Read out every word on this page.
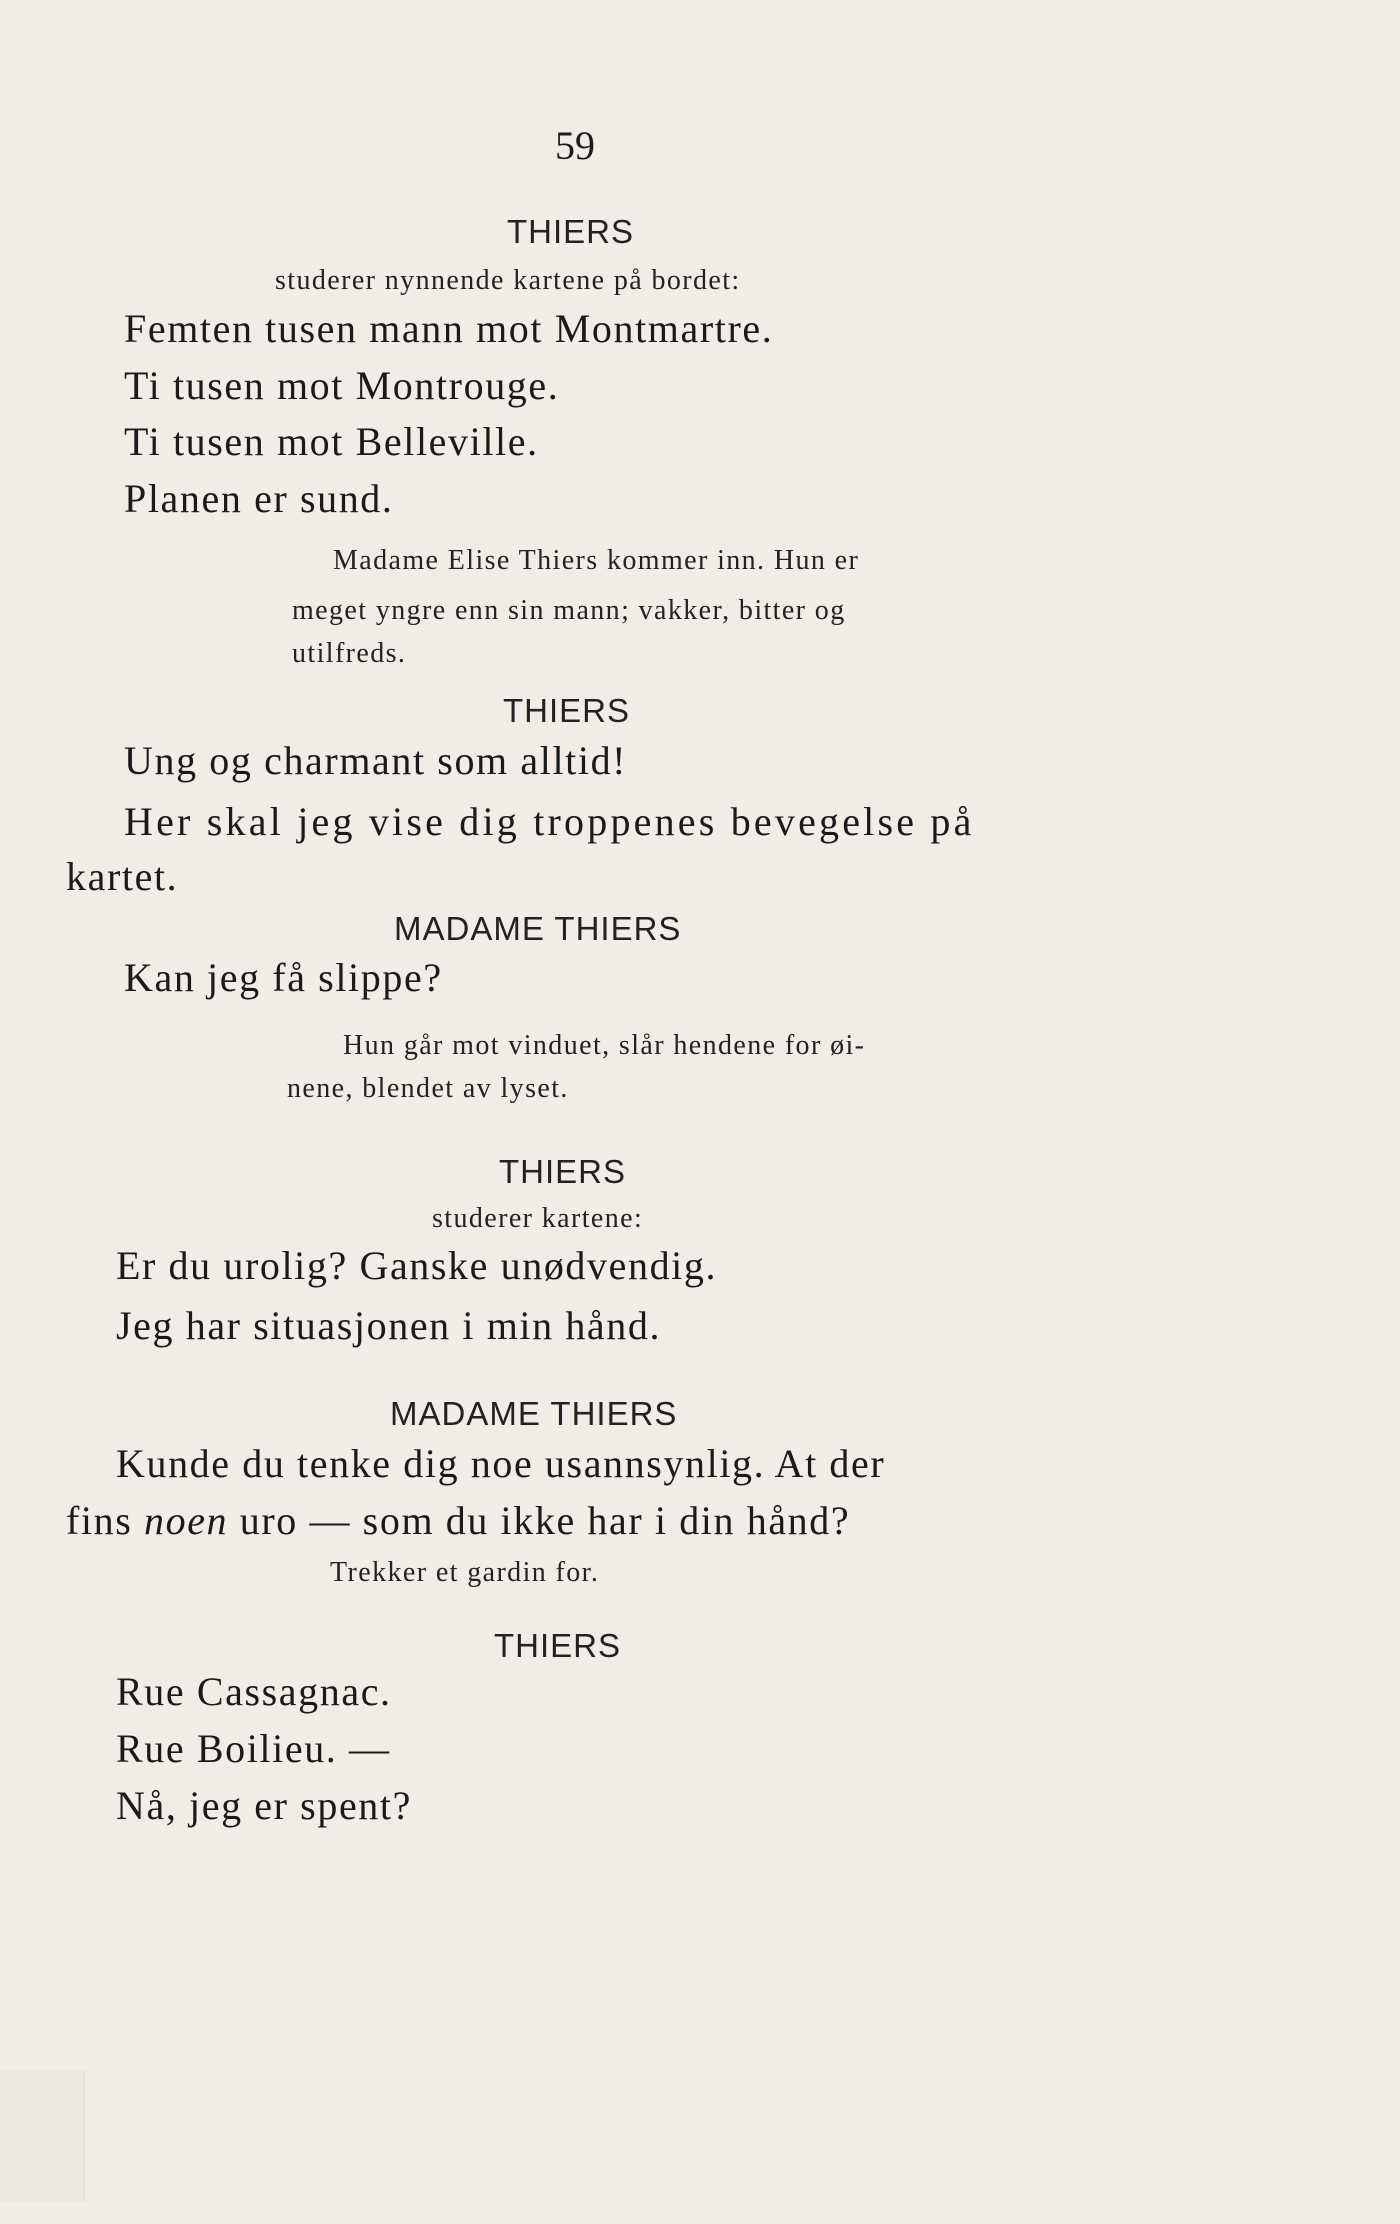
59

THIERS

studerer nynnende kartene på bordet:

Femten tusen mann mot Montmartre.

Ti tusen mot Montrouge.

Ti tusen mot Belleville.

Planen er sund.

Madame Elise Thiers kommer inn. Hun er

meget yngre enn sin mann; vakker, bitter og

utilfreds.

THIERS

Ung og charmant som alltid!

Her skal jeg vise dig troppenes bevegelse på

kartet.

MADAME THIERS

Kan jeg få slippe?

Hun går mot vinduet, slår hendene for øi-

nene, blendet av lyset.

THIERS

studerer kartene:

Er du urolig? Ganske unødvendig.

Jeg har situasjonen i min hånd.

MADAME THIERS

Kunde du tenke dig noe usannsynlig. At der

fins noen uro — som du ikke har i din hånd?

Trekker et gardin for.

THIERS

Rue Cassagnac.

Rue Boilieu. —

Nå, jeg er spent?
